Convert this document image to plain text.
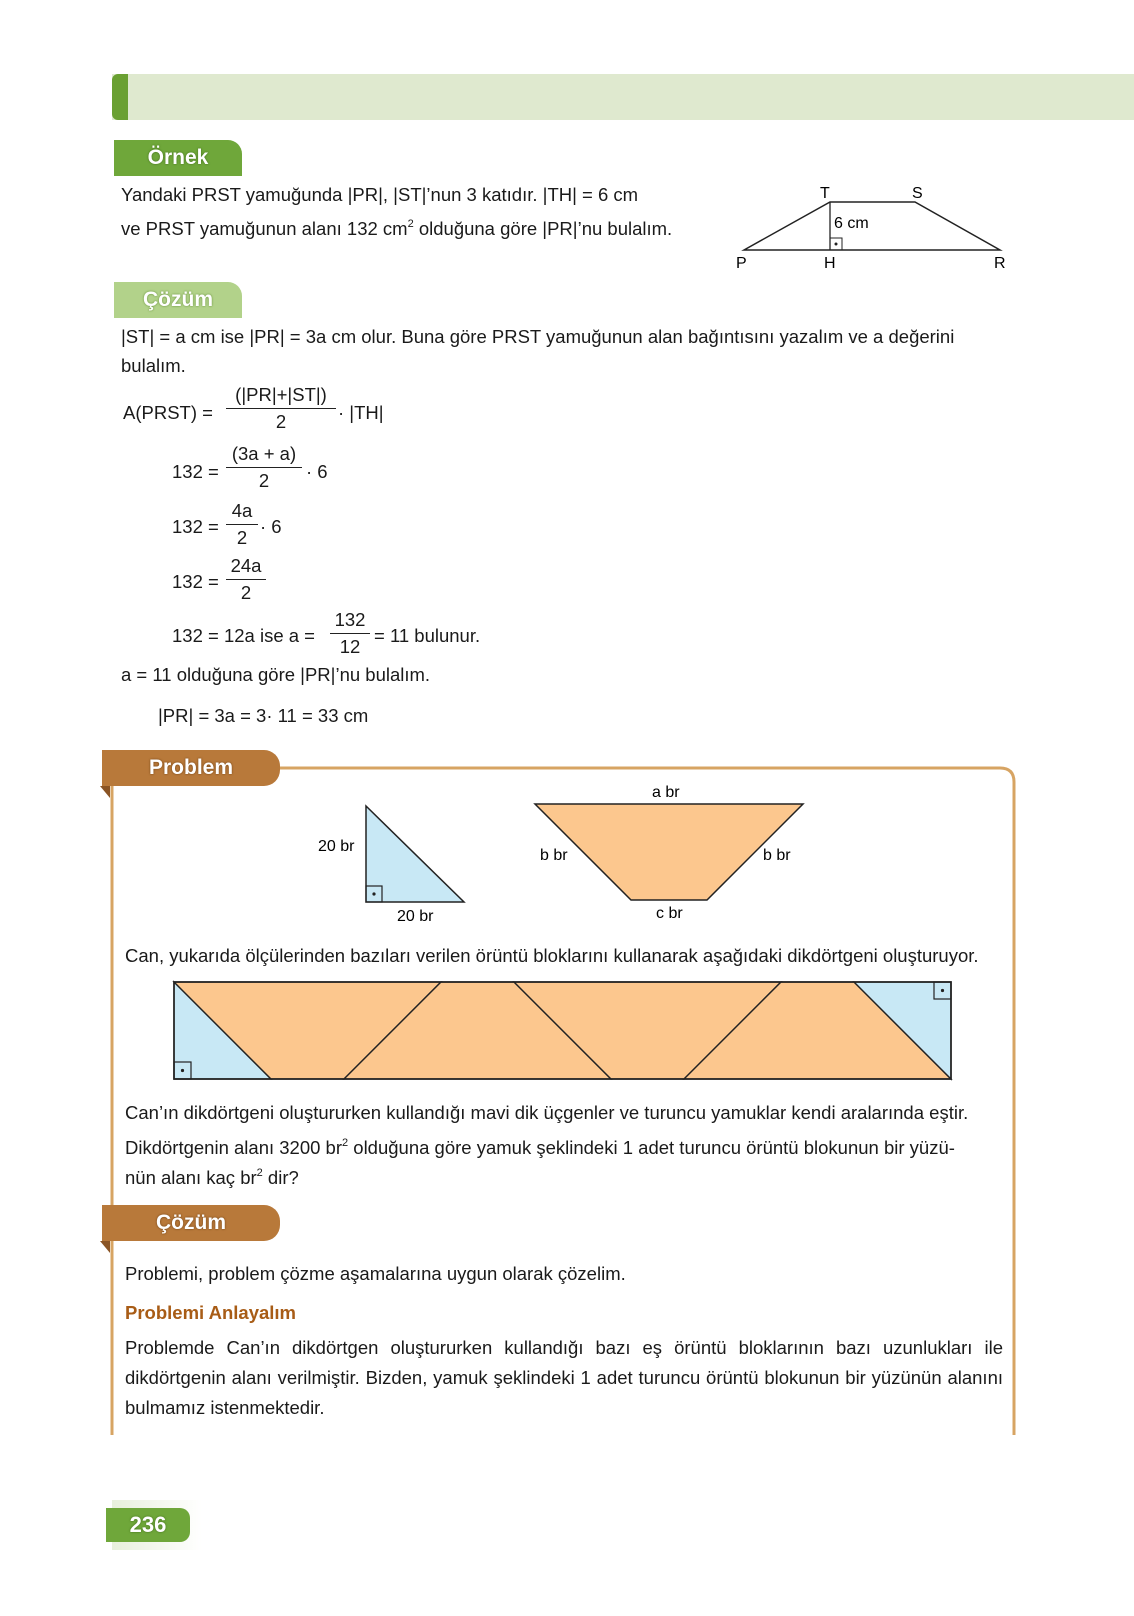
Örnek
Yandaki PRST yamuğunda |PR|, |ST|’nun 3 katıdır. |TH| = 6 cm
ve PRST yamuğunun alanı 132 $cm^2$ olduğuna göre |PR|’nu bulalım.
T	S
P	H	R
6 cm
Çözüm
|ST| = a cm ise |PR| = 3a cm olur. Buna göre PRST yamuğunun alan bağıntısını yazalım ve a değerini
bulalım.
A(PRST) = $\frac{(|PR|+|ST|)}{2} \cdot |TH|$
$132 = \frac{(3a + a)}{2} \cdot 6$
$132 = \frac{4a}{2} \cdot 6$
$132 = \frac{24a}{2}$
132 = 12a ise $a = \frac{132}{12} = 11$ bulunur.
a = 11 olduğuna göre |PR|’nu bulalım.
|PR| = 3a = 3· 11 = 33 cm
Problem
20 br
20 br
a br
b br	b br
c br
Can, yukarıda ölçülerinden bazıları verilen örüntü bloklarını kullanarak aşağıdaki dikdörtgeni oluşturuyor.
Can’ın dikdörtgeni oluştururken kullandığı mavi dik üçgenler ve turuncu yamuklar kendi aralarında eştir.
Dikdörtgenin alanı 3200 $br^2$ olduğuna göre yamuk şeklindeki 1 adet turuncu örüntü blokunun bir yüzü-
nün alanı kaç $br^2$ dir?
Çözüm
Problemi, problem çözme aşamalarına uygun olarak çözelim.
Problemi Anlayalım
Problemde Can’ın dikdörtgen oluştururken kullandığı bazı eş örüntü bloklarının bazı uzunlukları ile dikdörtgenin alanı verilmiştir. Bizden, yamuk şeklindeki 1 adet turuncu örüntü blokunun bir yüzünün alanını bulmamız istenmektedir.
236
